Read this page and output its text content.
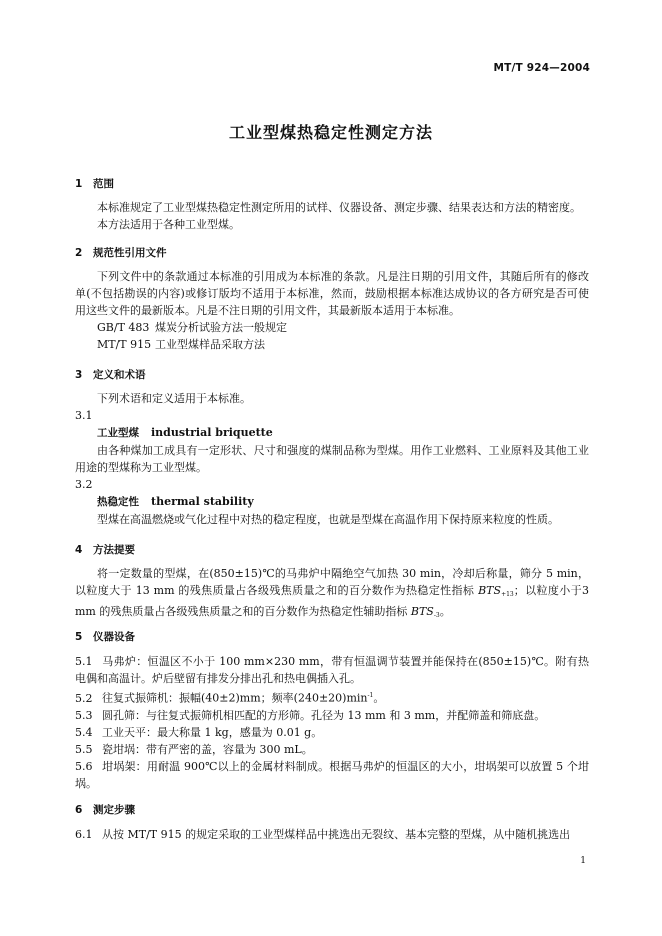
MT/T 924—2004
工业型煤热稳定性测定方法
1 范围
本标准规定了工业型煤热稳定性测定所用的试样、仪器设备、测定步骤、结果表达和方法的精密度。
本方法适用于各种工业型煤。
2 规范性引用文件
下列文件中的条款通过本标准的引用成为本标准的条款。凡是注日期的引用文件，其随后所有的修改单(不包括勘误的内容)或修订版均不适用于本标准，然而，鼓励根据本标准达成协议的各方研究是否可使用这些文件的最新版本。凡是不注日期的引用文件，其最新版本适用于本标准。
GB/T 483 煤炭分析试验方法一般规定
MT/T 915 工业型煤样品采取方法
3 定义和术语
下列术语和定义适用于本标准。
3.1
工业型煤 industrial briquette
由各种煤加工成具有一定形状、尺寸和强度的煤制品称为型煤。用作工业燃料、工业原料及其他工业用途的型煤称为工业型煤。
3.2
热稳定性 thermal stability
型煤在高温燃烧或气化过程中对热的稳定程度，也就是型煤在高温作用下保持原来粒度的性质。
4 方法提要
将一定数量的型煤，在(850±15)℃的马弗炉中隔绝空气加热 30 min，冷却后称量，筛分 5 min，以粒度大于 13 mm 的残焦质量占各级残焦质量之和的百分数作为热稳定性指标 $BTS_{+13}$；以粒度小于3 mm 的残焦质量占各级残焦质量之和的百分数作为热稳定性辅助指标 $BTS_{-3}$。
5 仪器设备
5.1 马弗炉：恒温区不小于 100 mm×230 mm，带有恒温调节装置并能保持在(850±15)℃。附有热电偶和高温计。炉后壁留有排发分排出孔和热电偶插入孔。
5.2 往复式振筛机：振幅(40±2)mm；频率$(240\pm 20)\min^{-1}$。
5.3 圆孔筛：与往复式振筛机相匹配的方形筛。孔径为 13 mm 和 3 mm，并配筛盖和筛底盘。
5.4 工业天平：最大称量 1 kg，感量为 0.01 g。
5.5 瓷坩埚：带有严密的盖，容量为 300 mL。
5.6 坩埚架：用耐温 900℃以上的金属材料制成。根据马弗炉的恒温区的大小，坩埚架可以放置 5 个坩埚。
6 测定步骤
6.1 从按 MT/T 915 的规定采取的工业型煤样品中挑选出无裂纹、基本完整的型煤，从中随机挑选出
1
